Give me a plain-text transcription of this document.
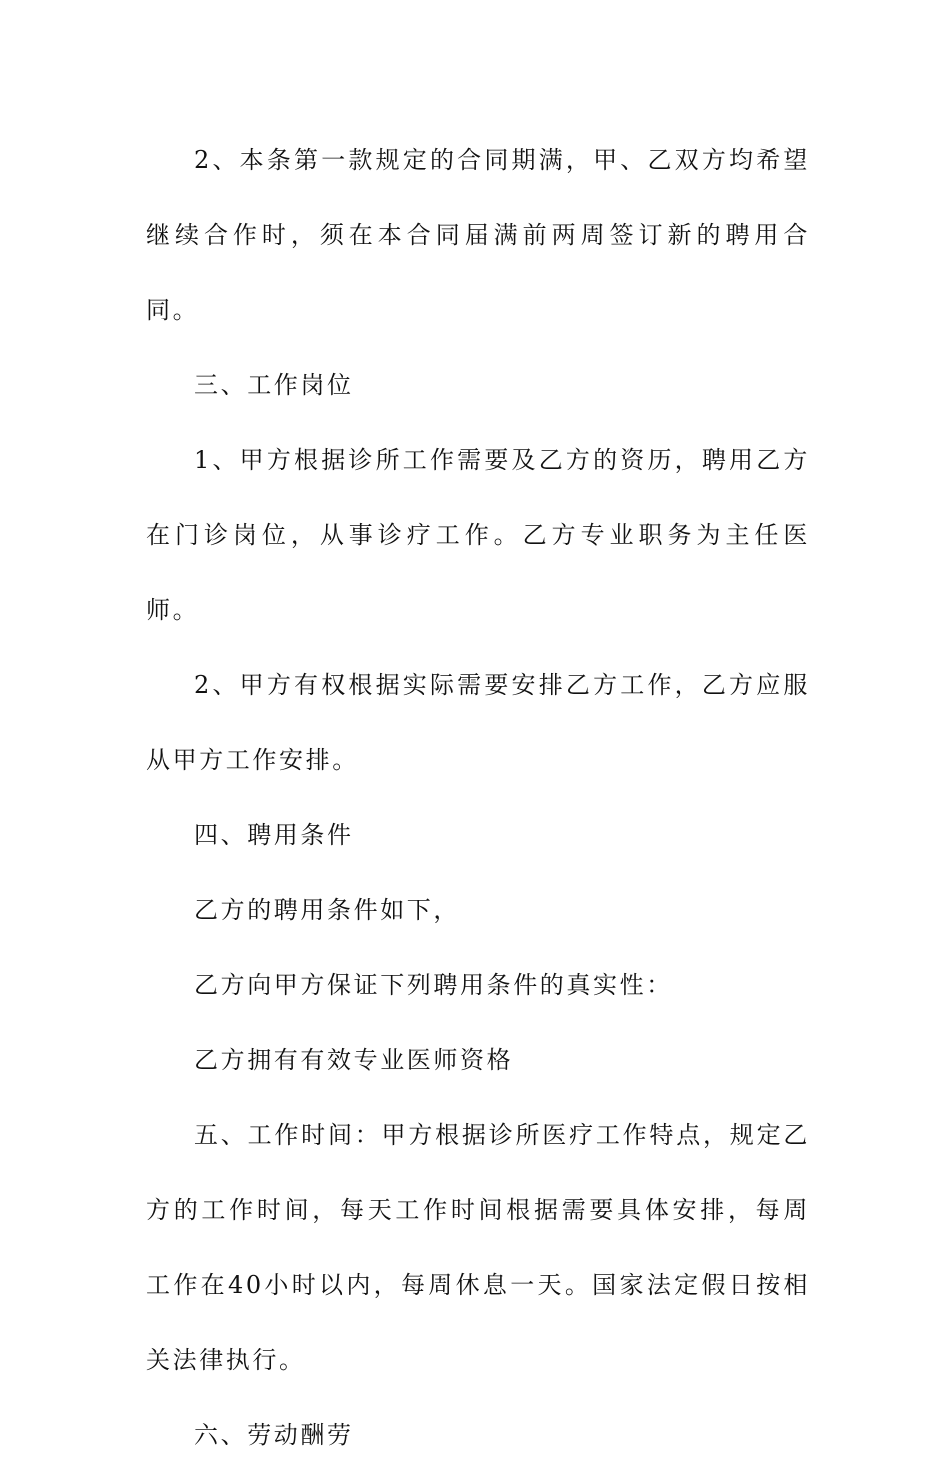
2、本条第一款规定的合同期满，甲、乙双方均希望继续合作时，须在本合同届满前两周签订新的聘用合同。

三、工作岗位

1、甲方根据诊所工作需要及乙方的资历，聘用乙方在门诊岗位，从事诊疗工作。乙方专业职务为主任医师。

2、甲方有权根据实际需要安排乙方工作，乙方应服从甲方工作安排。

四、聘用条件

乙方的聘用条件如下，

乙方向甲方保证下列聘用条件的真实性：

乙方拥有有效专业医师资格

五、工作时间：甲方根据诊所医疗工作特点，规定乙方的工作时间，每天工作时间根据需要具体安排，每周工作在40小时以内，每周休息一天。国家法定假日按相关法律执行。

六、劳动酬劳
